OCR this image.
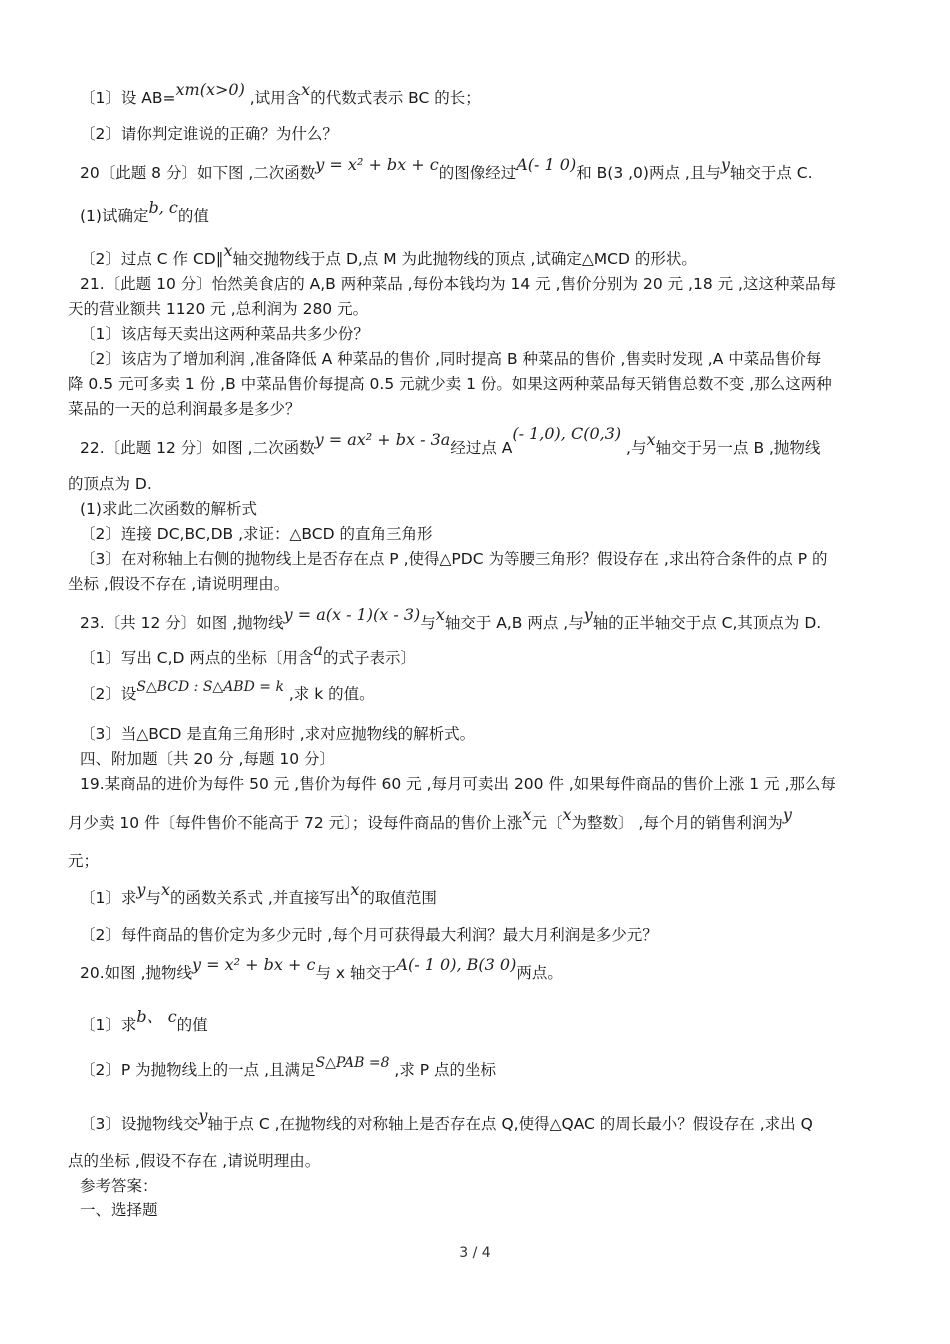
〔1〕设 AB=xm(x>0) ,试用含x的代数式表示 BC 的长；
〔2〕请你判定谁说的正确？为什么？
20〔此题 8 分〕如下图 ,二次函数y = x² + bx + c的图像经过A(- 1 0)和 B(3 ,0)两点 ,且与y轴交于点 C.
(1)试确定b, c的值
〔2〕过点 C 作 CD∥x轴交抛物线于点 D,点 M 为此抛物线的顶点 ,试确定△MCD 的形状。
21.〔此题 10 分〕怡然美食店的 A,B 两种菜品 ,每份本钱均为 14 元 ,售价分别为 20 元 ,18 元 ,这这种菜品每
天的营业额共 1120 元 ,总利润为 280 元。
〔1〕该店每天卖出这两种菜品共多少份？
〔2〕该店为了增加利润 ,准备降低 A 种菜品的售价 ,同时提高 B 种菜品的售价 ,售卖时发现 ,A 中菜品售价每
降 0.5 元可多卖 1 份 ,B 中菜品售价每提高 0.5 元就少卖 1 份。如果这两种菜品每天销售总数不变 ,那么这两种
菜品的一天的总利润最多是多少？
22.〔此题 12 分〕如图 ,二次函数y = ax² + bx - 3a经过点 A(- 1,0), C(0,3) ,与x轴交于另一点 B ,抛物线
的顶点为 D.
(1)求此二次函数的解析式
〔2〕连接 DC,BC,DB ,求证：△BCD 的直角三角形
〔3〕在对称轴上右侧的抛物线上是否存在点 P ,使得△PDC 为等腰三角形？假设存在 ,求出符合条件的点 P 的
坐标 ,假设不存在 ,请说明理由。
23.〔共 12 分〕如图 ,抛物线y = a(x - 1)(x - 3)与x轴交于 A,B 两点 ,与y轴的正半轴交于点 C,其顶点为 D.
〔1〕写出 C,D 两点的坐标〔用含a的式子表示〕
〔2〕设S△BCD : S△ABD = k ,求 k 的值。
〔3〕当△BCD 是直角三角形时 ,求对应抛物线的解析式。
四、附加题〔共 20 分 ,每题 10 分〕
19.某商品的进价为每件 50 元 ,售价为每件 60 元 ,每月可卖出 200 件 ,如果每件商品的售价上涨 1 元 ,那么每
月少卖 10 件〔每件售价不能高于 72 元〕；设每件商品的售价上涨x元〔x为整数〕 ,每个月的销售利润为y
元；
〔1〕求y与x的函数关系式 ,并直接写出x的取值范围
〔2〕每件商品的售价定为多少元时 ,每个月可获得最大利润？最大月利润是多少元？
20.如图 ,抛物线y = x² + bx + c与 x 轴交于A(- 1 0), B(3 0)两点。
〔1〕求b、 c的值
〔2〕P 为抛物线上的一点 ,且满足S△PAB =8 ,求 P 点的坐标
〔3〕设抛物线交y轴于点 C ,在抛物线的对称轴上是否存在点 Q,使得△QAC 的周长最小？假设存在 ,求出 Q
点的坐标 ,假设不存在 ,请说明理由。
参考答案：
一、选择题
3 / 4
